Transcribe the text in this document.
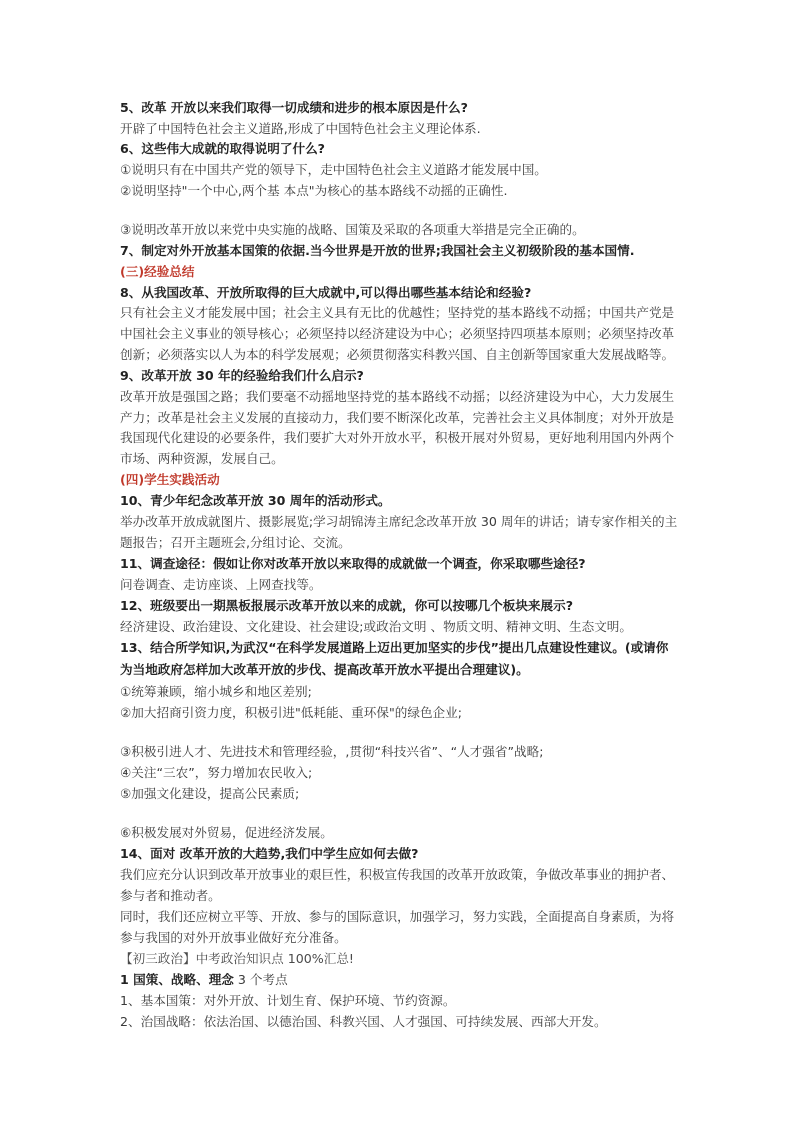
5、改革 开放以来我们取得一切成绩和进步的根本原因是什么?
开辟了中国特色社会主义道路,形成了中国特色社会主义理论体系.
6、这些伟大成就的取得说明了什么?
①说明只有在中国共产党的领导下，走中国特色社会主义道路才能发展中国。
②说明坚持"一个中心,两个基 本点"为核心的基本路线不动摇的正确性.
③说明改革开放以来党中央实施的战略、国策及采取的各项重大举措是完全正确的。
7、制定对外开放基本国策的依据.当今世界是开放的世界;我国社会主义初级阶段的基本国情.
(三)经验总结
8、从我国改革、开放所取得的巨大成就中,可以得出哪些基本结论和经验?
只有社会主义才能发展中国；社会主义具有无比的优越性；坚持党的基本路线不动摇；中国共产党是
中国社会主义事业的领导核心；必须坚持以经济建设为中心；必须坚持四项基本原则；必须坚持改革
创新；必须落实以人为本的科学发展观；必须贯彻落实科教兴国、自主创新等国家重大发展战略等。
9、改革开放 30 年的经验给我们什么启示?
改革开放是强国之路；我们要毫不动摇地坚持党的基本路线不动摇；以经济建设为中心，大力发展生
产力；改革是社会主义发展的直接动力，我们要不断深化改革，完善社会主义具体制度；对外开放是
我国现代化建设的必要条件，我们要扩大对外开放水平，积极开展对外贸易，更好地利用国内外两个
市场、两种资源，发展自己。
(四)学生实践活动
10、青少年纪念改革开放 30 周年的活动形式。
举办改革开放成就图片、摄影展览;学习胡锦涛主席纪念改革开放 30 周年的讲话；请专家作相关的主
题报告；召开主题班会,分组讨论、交流。
11、调查途径：假如让你对改革开放以来取得的成就做一个调查，你采取哪些途径?
问卷调查、走访座谈、上网查找等。
12、班级要出一期黑板报展示改革开放以来的成就，你可以按哪几个板块来展示?
经济建设、政治建设、文化建设、社会建设;或政治文明 、物质文明、精神文明、生态文明。
13、结合所学知识,为武汉“在科学发展道路上迈出更加坚实的步伐”提出几点建设性建议。(或请你
为当地政府怎样加大改革开放的步伐、提高改革开放水平提出合理建议)。
①统筹兼顾，缩小城乡和地区差别;
②加大招商引资力度，积极引进"低耗能、重环保"的绿色企业;
③积极引进人才、先进技术和管理经验，,贯彻“科技兴省”、“人才强省”战略;
④关注“三农”，努力增加农民收入;
⑤加强文化建设，提高公民素质;
⑥积极发展对外贸易，促进经济发展。
14、面对 改革开放的大趋势,我们中学生应如何去做?
我们应充分认识到改革开放事业的艰巨性，积极宣传我国的改革开放政策，争做改革事业的拥护者、
参与者和推动者。
同时，我们还应树立平等、开放、参与的国际意识，加强学习，努力实践，全面提高自身素质，为将
参与我国的对外开放事业做好充分准备。
【初三政治】中考政治知识点 100%汇总!
1 国策、战略、理念 3 个考点
1、基本国策：对外开放、计划生育、保护环境、节约资源。
2、治国战略：依法治国、以德治国、科教兴国、人才强国、可持续发展、西部大开发。
